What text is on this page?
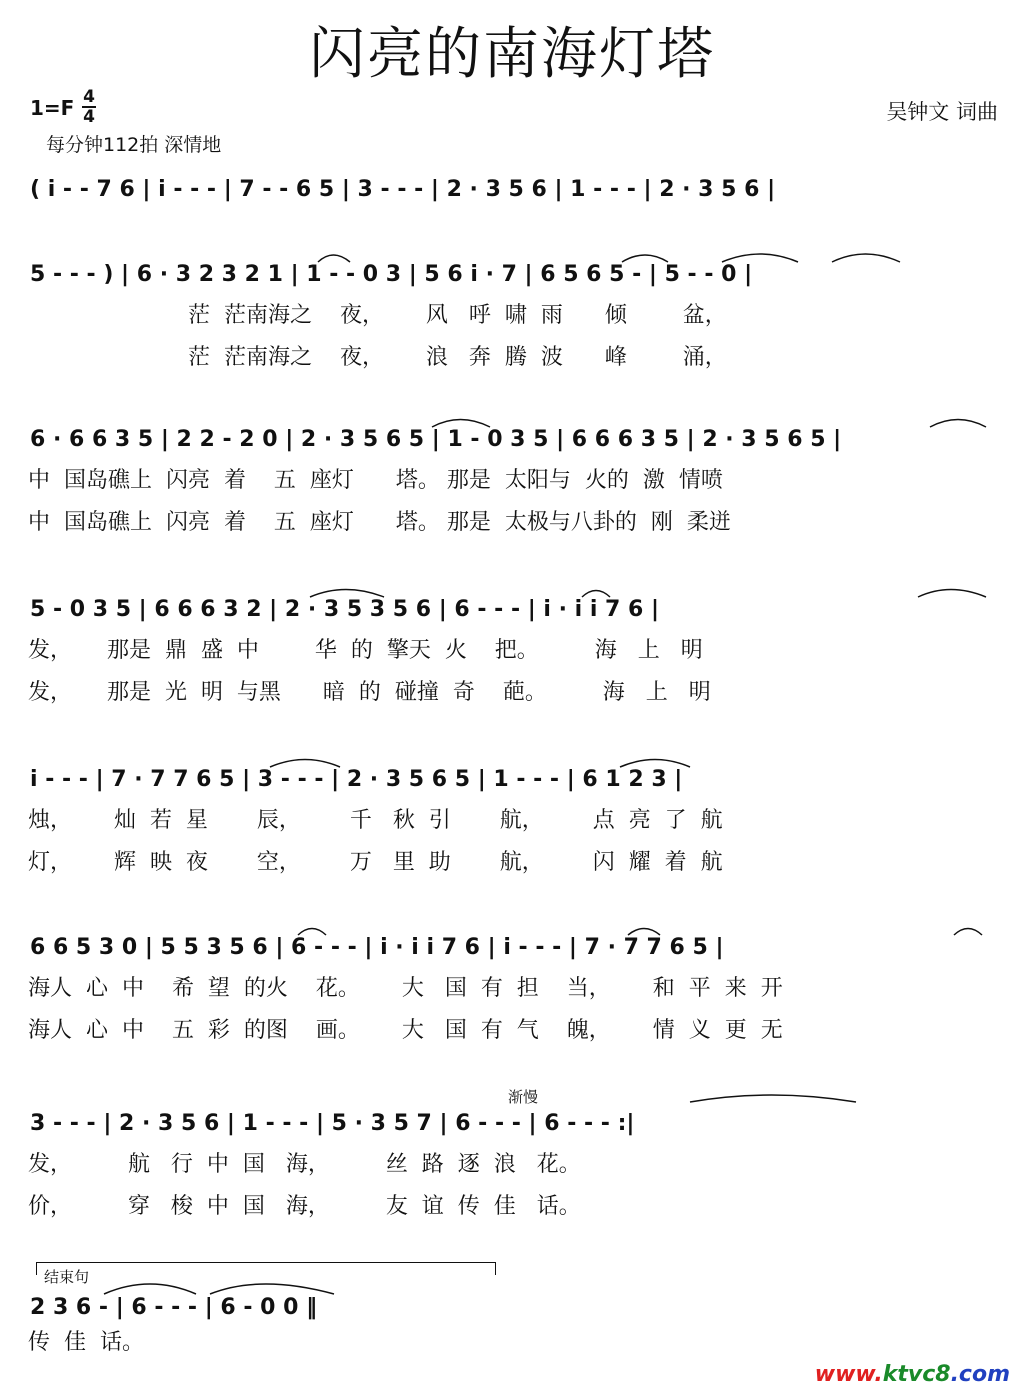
闪亮的南海灯塔
1=F 4
4
每分钟112拍 深情地
吴钟文 词曲
( i - - 7 6 | i - - - | 7 - - 6 5 | 3 - - - | 2 · 3 5 6 | 1 - - - | 2 · 3 5 6 |
5 - - - ) | 6 · 3 2 3 2 1 | 1 - - 0 3 | 5 6 i · 7 | 6 5 6 5 - | 5 - - 0 |
茫  茫南海之    夜，      风   呼  啸  雨      倾        盆，
茫  茫南海之    夜，      浪   奔  腾  波      峰        涌，
6 · 6 6 3 5 | 2 2 - 2 0 | 2 · 3 5 6 5 | 1 - 0 3 5 | 6 6 6 3 5 | 2 · 3 5 6 5 |
中  国岛礁上  闪亮  着    五  座灯      塔。 那是  太阳与  火的  激  情喷
中  国岛礁上  闪亮  着    五  座灯      塔。 那是  太极与八卦的  刚  柔迸
5 - 0 3 5 | 6 6 6 3 2 | 2 · 3 5 3 5 6 | 6 - - - | i · i i 7 6 |
发，     那是  鼎  盛  中        华  的  擎天  火    把。        海   上   明
发，     那是  光  明  与黑      暗  的  碰撞  奇    葩。        海   上   明
i - - - | 7 · 7 7 6 5 | 3 - - - | 2 · 3 5 6 5 | 1 - - - | 6 1 2 3 |
烛，      灿  若  星       辰，       千   秋  引       航，       点  亮  了  航
灯，      辉  映  夜       空，       万   里  助       航，       闪  耀  着  航
6 6 5 3 0 | 5 5 3 5 6 | 6 - - - | i · i i 7 6 | i - - - | 7 · 7 7 6 5 |
海人  心  中    希  望  的火    花。      大   国  有  担    当，      和  平  来  开
海人  心  中    五  彩  的图    画。      大   国  有  气    魄，      情  义  更  无
渐慢
3 - - - | 2 · 3 5 6 | 1 - - - | 5 · 3 5 7 | 6 - - - | 6 - - - :|
发，        航   行  中  国   海，        丝  路  逐  浪   花。
价，        穿   梭  中  国   海，        友  谊  传  佳   话。
结束句
2 3 6 - | 6 - - - | 6 - 0 0 ‖
传  佳  话。
www.ktvc8.com
